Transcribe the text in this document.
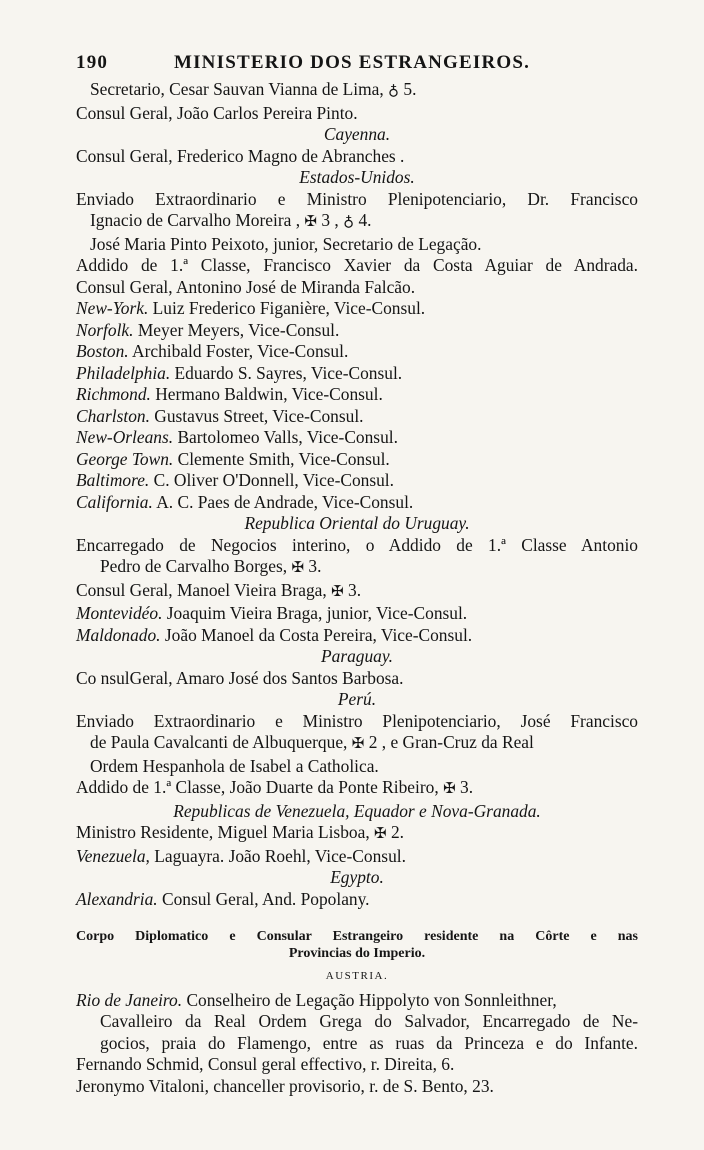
190	MINISTERIO DOS ESTRANGEIROS.
Secretario, Cesar Sauvan Vianna de Lima, ♁ 5.
Consul Geral, João Carlos Pereira Pinto.
Cayenna.
Consul Geral, Frederico Magno de Abranches .
Estados-Unidos.
Enviado Extraordinario e Ministro Plenipotenciario, Dr. Francisco
Ignacio de Carvalho Moreira , ✠ 3 , ♁ 4.
José Maria Pinto Peixoto, junior, Secretario de Legação.
Addido de 1.ª Classe, Francisco Xavier da Costa Aguiar de Andrada.
Consul Geral, Antonino José de Miranda Falcão.
New-York. Luiz Frederico Figanière, Vice-Consul.
Norfolk. Meyer Meyers, Vice-Consul.
Boston. Archibald Foster, Vice-Consul.
Philadelphia. Eduardo S. Sayres, Vice-Consul.
Richmond. Hermano Baldwin, Vice-Consul.
Charlston. Gustavus Street, Vice-Consul.
New-Orleans. Bartolomeo Valls, Vice-Consul.
George Town. Clemente Smith, Vice-Consul.
Baltimore. C. Oliver O'Donnell, Vice-Consul.
California. A. C. Paes de Andrade, Vice-Consul.
Republica Oriental do Uruguay.
Encarregado de Negocios interino, o Addido de 1.ª Classe Antonio
Pedro de Carvalho Borges, ✠ 3.
Consul Geral, Manoel Vieira Braga, ✠ 3.
Montevidéo. Joaquim Vieira Braga, junior, Vice-Consul.
Maldonado. João Manoel da Costa Pereira, Vice-Consul.
Paraguay.
Co nsulGeral, Amaro José dos Santos Barbosa.
Perú.
Enviado Extraordinario e Ministro Plenipotenciario, José Francisco
de Paula Cavalcanti de Albuquerque, ✠ 2 , e Gran-Cruz da Real
Ordem Hespanhola de Isabel a Catholica.
Addido de 1.ª Classe, João Duarte da Ponte Ribeiro, ✠ 3.
Republicas de Venezuela, Equador e Nova-Granada.
Ministro Residente, Miguel Maria Lisboa, ✠ 2.
Venezuela, Laguayra. João Roehl, Vice-Consul.
Egypto.
Alexandria. Consul Geral, And. Popolany.
Corpo Diplomatico e Consular Estrangeiro residente na Côrte e nas
Provincias do Imperio.
AUSTRIA.
Rio de Janeiro. Conselheiro de Legação Hippolyto von Sonnleithner,
Cavalleiro da Real Ordem Grega do Salvador, Encarregado de Ne-
gocios, praia do Flamengo, entre as ruas da Princeza e do Infante.
Fernando Schmid, Consul geral effectivo, r. Direita, 6.
Jeronymo Vitaloni, chanceller provisorio, r. de S. Bento, 23.
